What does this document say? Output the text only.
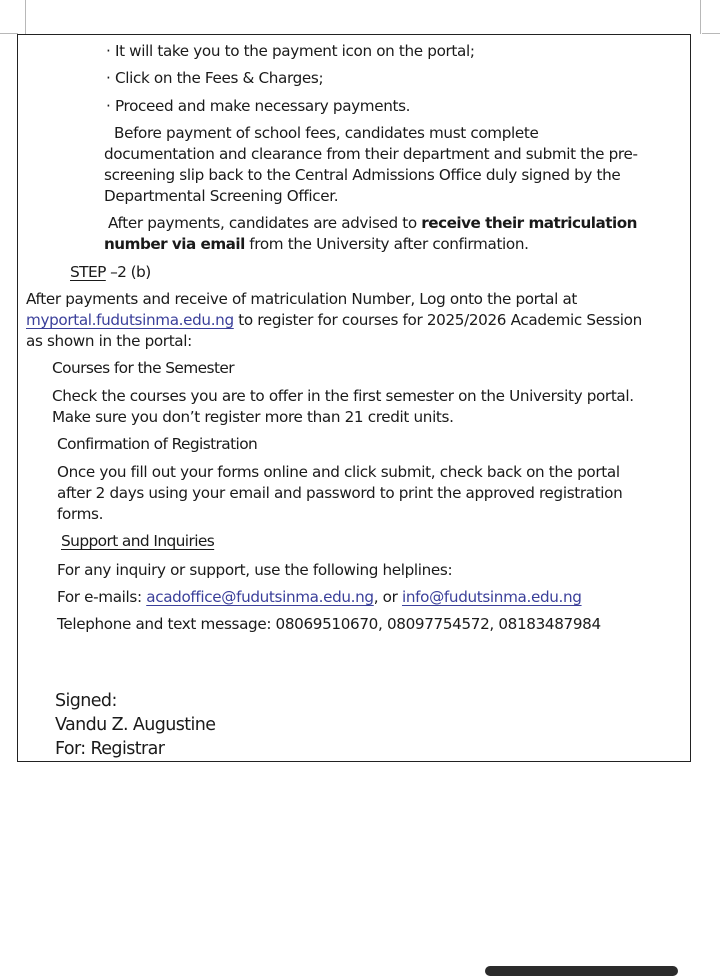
· It will take you to the payment icon on the portal;
· Click on the Fees & Charges;
· Proceed and make necessary payments.
Before payment of school fees, candidates must complete
documentation and clearance from their department and submit the pre-
screening slip back to the Central Admissions Office duly signed by the
Departmental Screening Officer.
After payments, candidates are advised to receive their matriculation
number via email from the University after confirmation.
STEP –2 (b)
After payments and receive of matriculation Number, Log onto the portal at
myportal.fudutsinma.edu.ng to register for courses for 2025/2026 Academic Session
as shown in the portal:
Courses for the Semester
Check the courses you are to offer in the first semester on the University portal.
Make sure you don’t register more than 21 credit units.
Confirmation of Registration
Once you fill out your forms online and click submit, check back on the portal
after 2 days using your email and password to print the approved registration
forms.
Support and Inquiries
For any inquiry or support, use the following helplines:
For e-mails: acadoffice@fudutsinma.edu.ng, or info@fudutsinma.edu.ng
Telephone and text message: 08069510670, 08097754572, 08183487984
Signed:
Vandu Z. Augustine
For: Registrar
